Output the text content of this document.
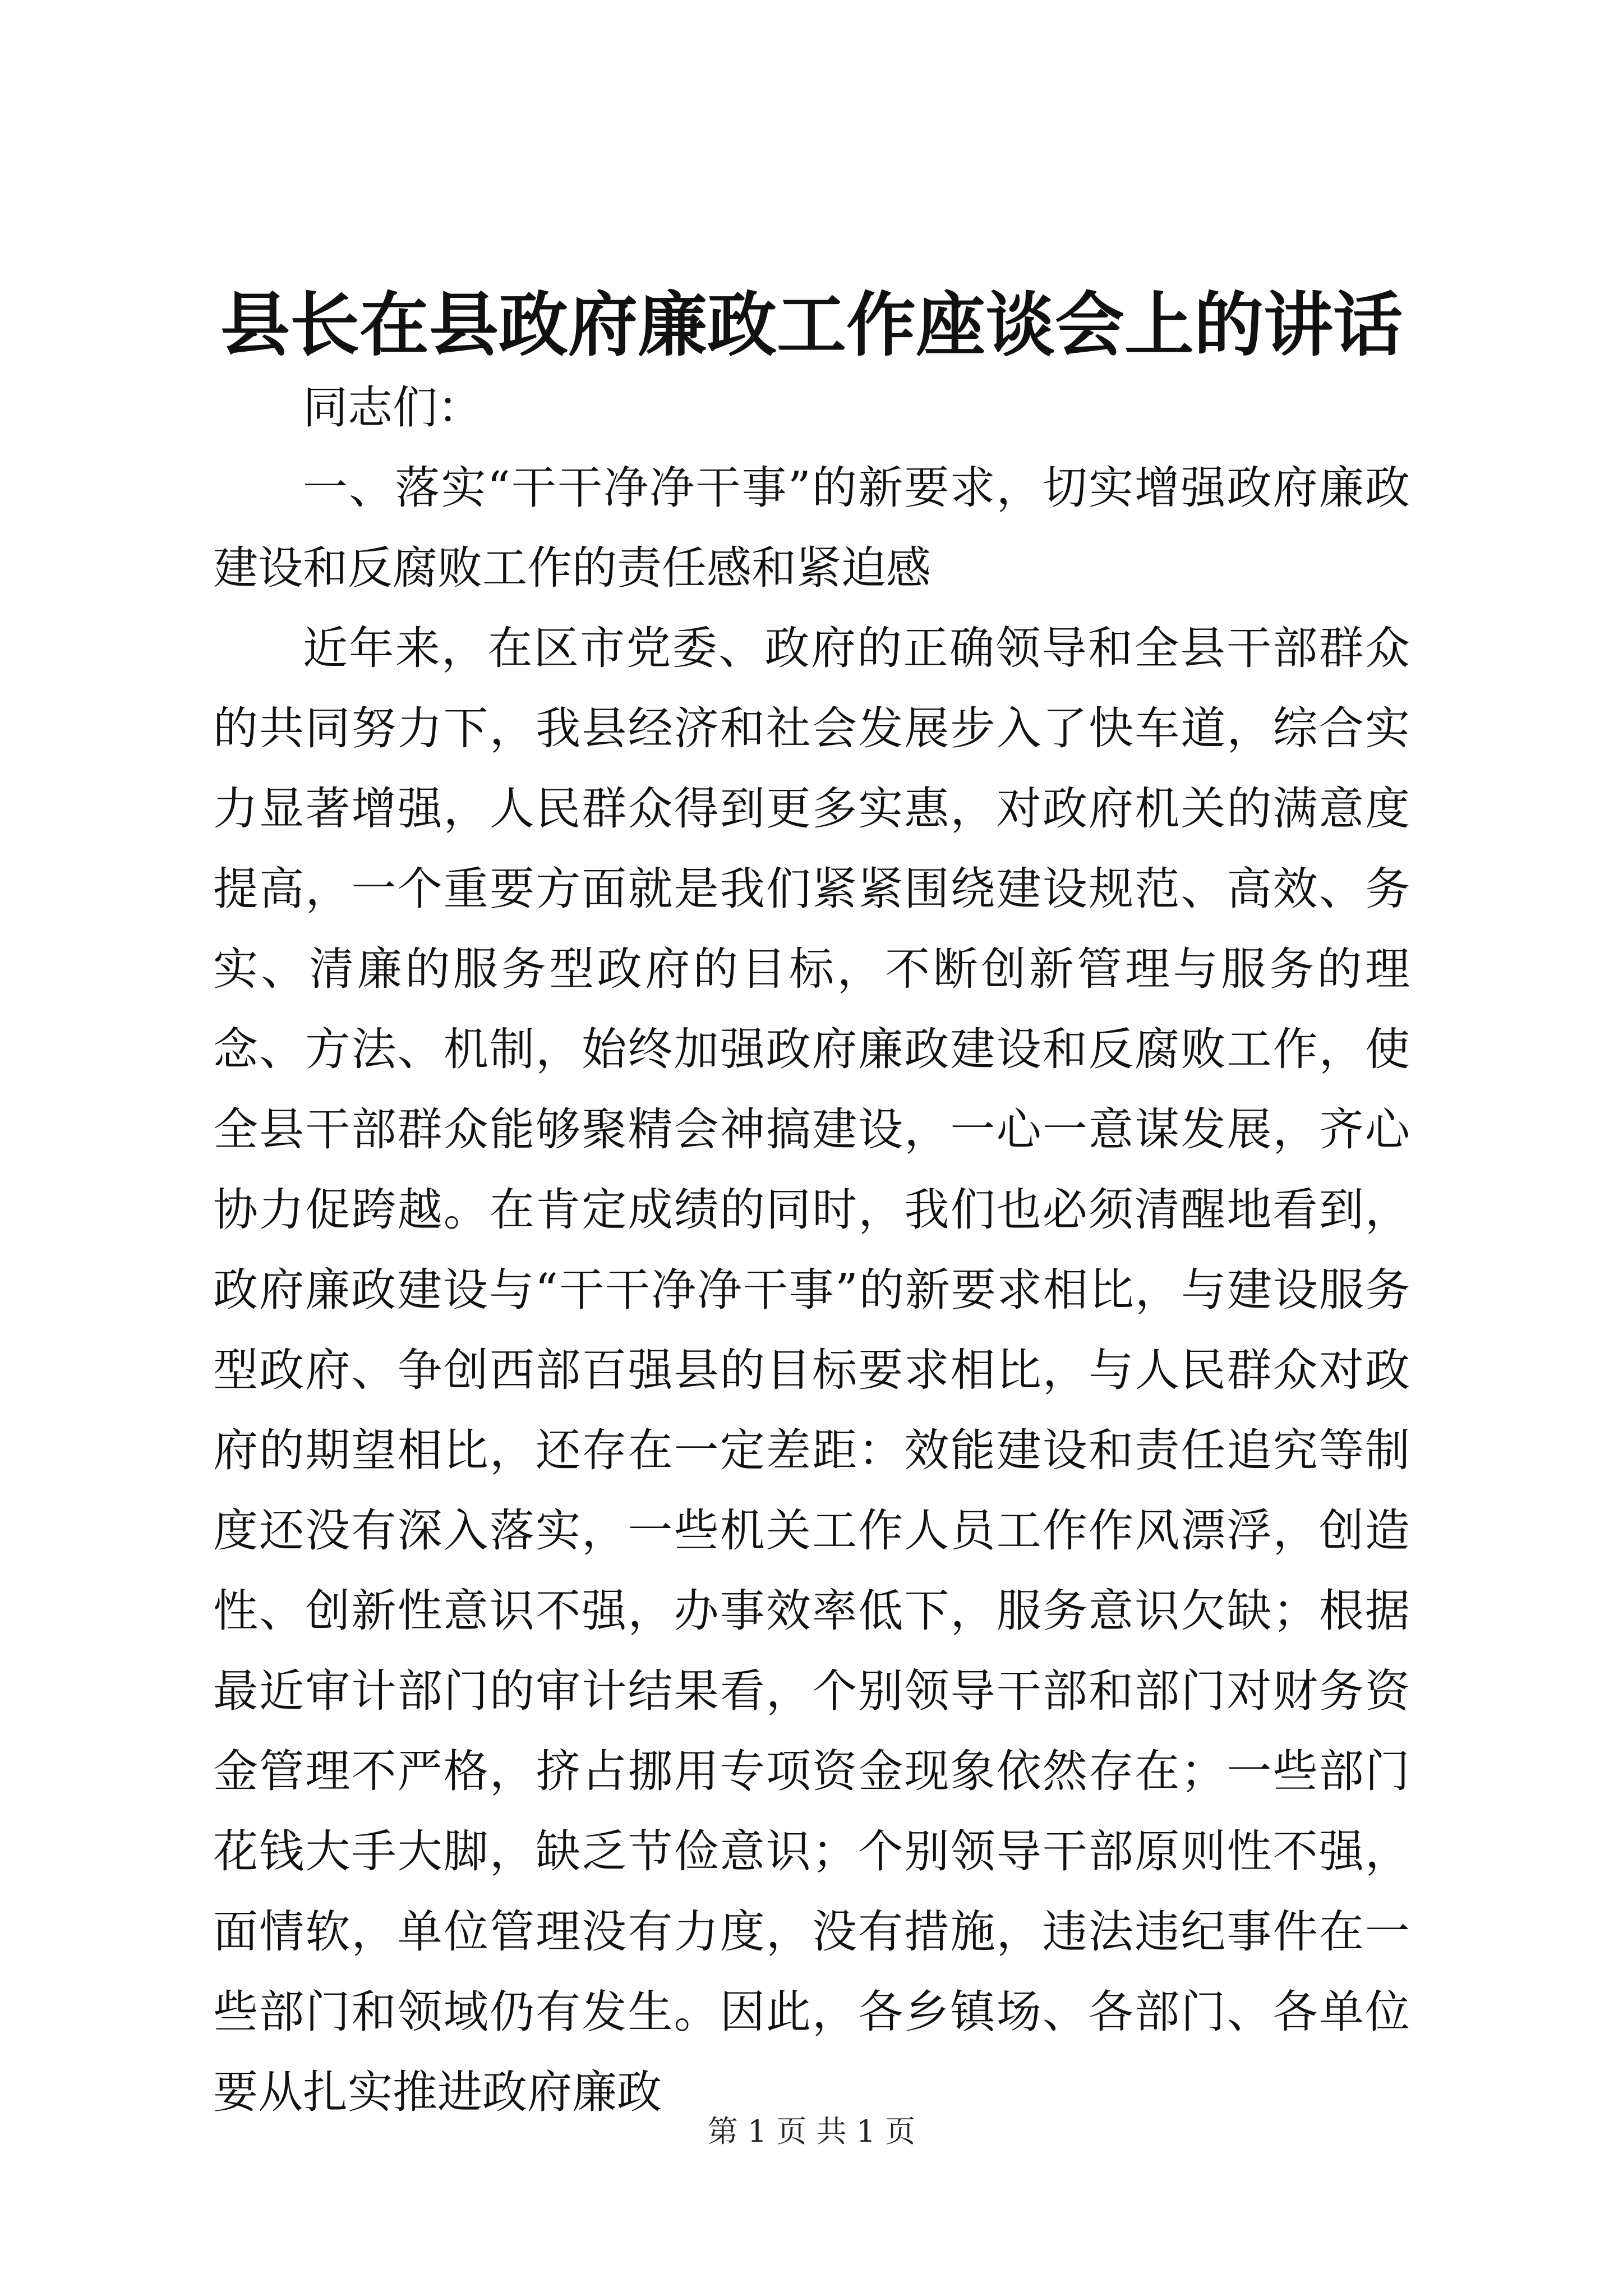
县长在县政府廉政工作座谈会上的讲话

同志们：

一、落实“干干净净干事”的新要求，切实增强政府廉政建设和反腐败工作的责任感和紧迫感

近年来，在区市党委、政府的正确领导和全县干部群众的共同努力下，我县经济和社会发展步入了快车道，综合实力显著增强，人民群众得到更多实惠，对政府机关的满意度提高，一个重要方面就是我们紧紧围绕建设规范、高效、务实、清廉的服务型政府的目标，不断创新管理与服务的理念、方法、机制，始终加强政府廉政建设和反腐败工作，使全县干部群众能够聚精会神搞建设，一心一意谋发展，齐心协力促跨越。在肯定成绩的同时，我们也必须清醒地看到，政府廉政建设与“干干净净干事”的新要求相比，与建设服务型政府、争创西部百强县的目标要求相比，与人民群众对政府的期望相比，还存在一定差距：效能建设和责任追究等制度还没有深入落实，一些机关工作人员工作作风漂浮，创造性、创新性意识不强，办事效率低下，服务意识欠缺；根据最近审计部门的审计结果看，个别领导干部和部门对财务资金管理不严格，挤占挪用专项资金现象依然存在；一些部门花钱大手大脚，缺乏节俭意识；个别领导干部原则性不强，面情软，单位管理没有力度，没有措施，违法违纪事件在一些部门和领域仍有发生。因此，各乡镇场、各部门、各单位要从扎实推进政府廉政

第 1 页 共 1 页
